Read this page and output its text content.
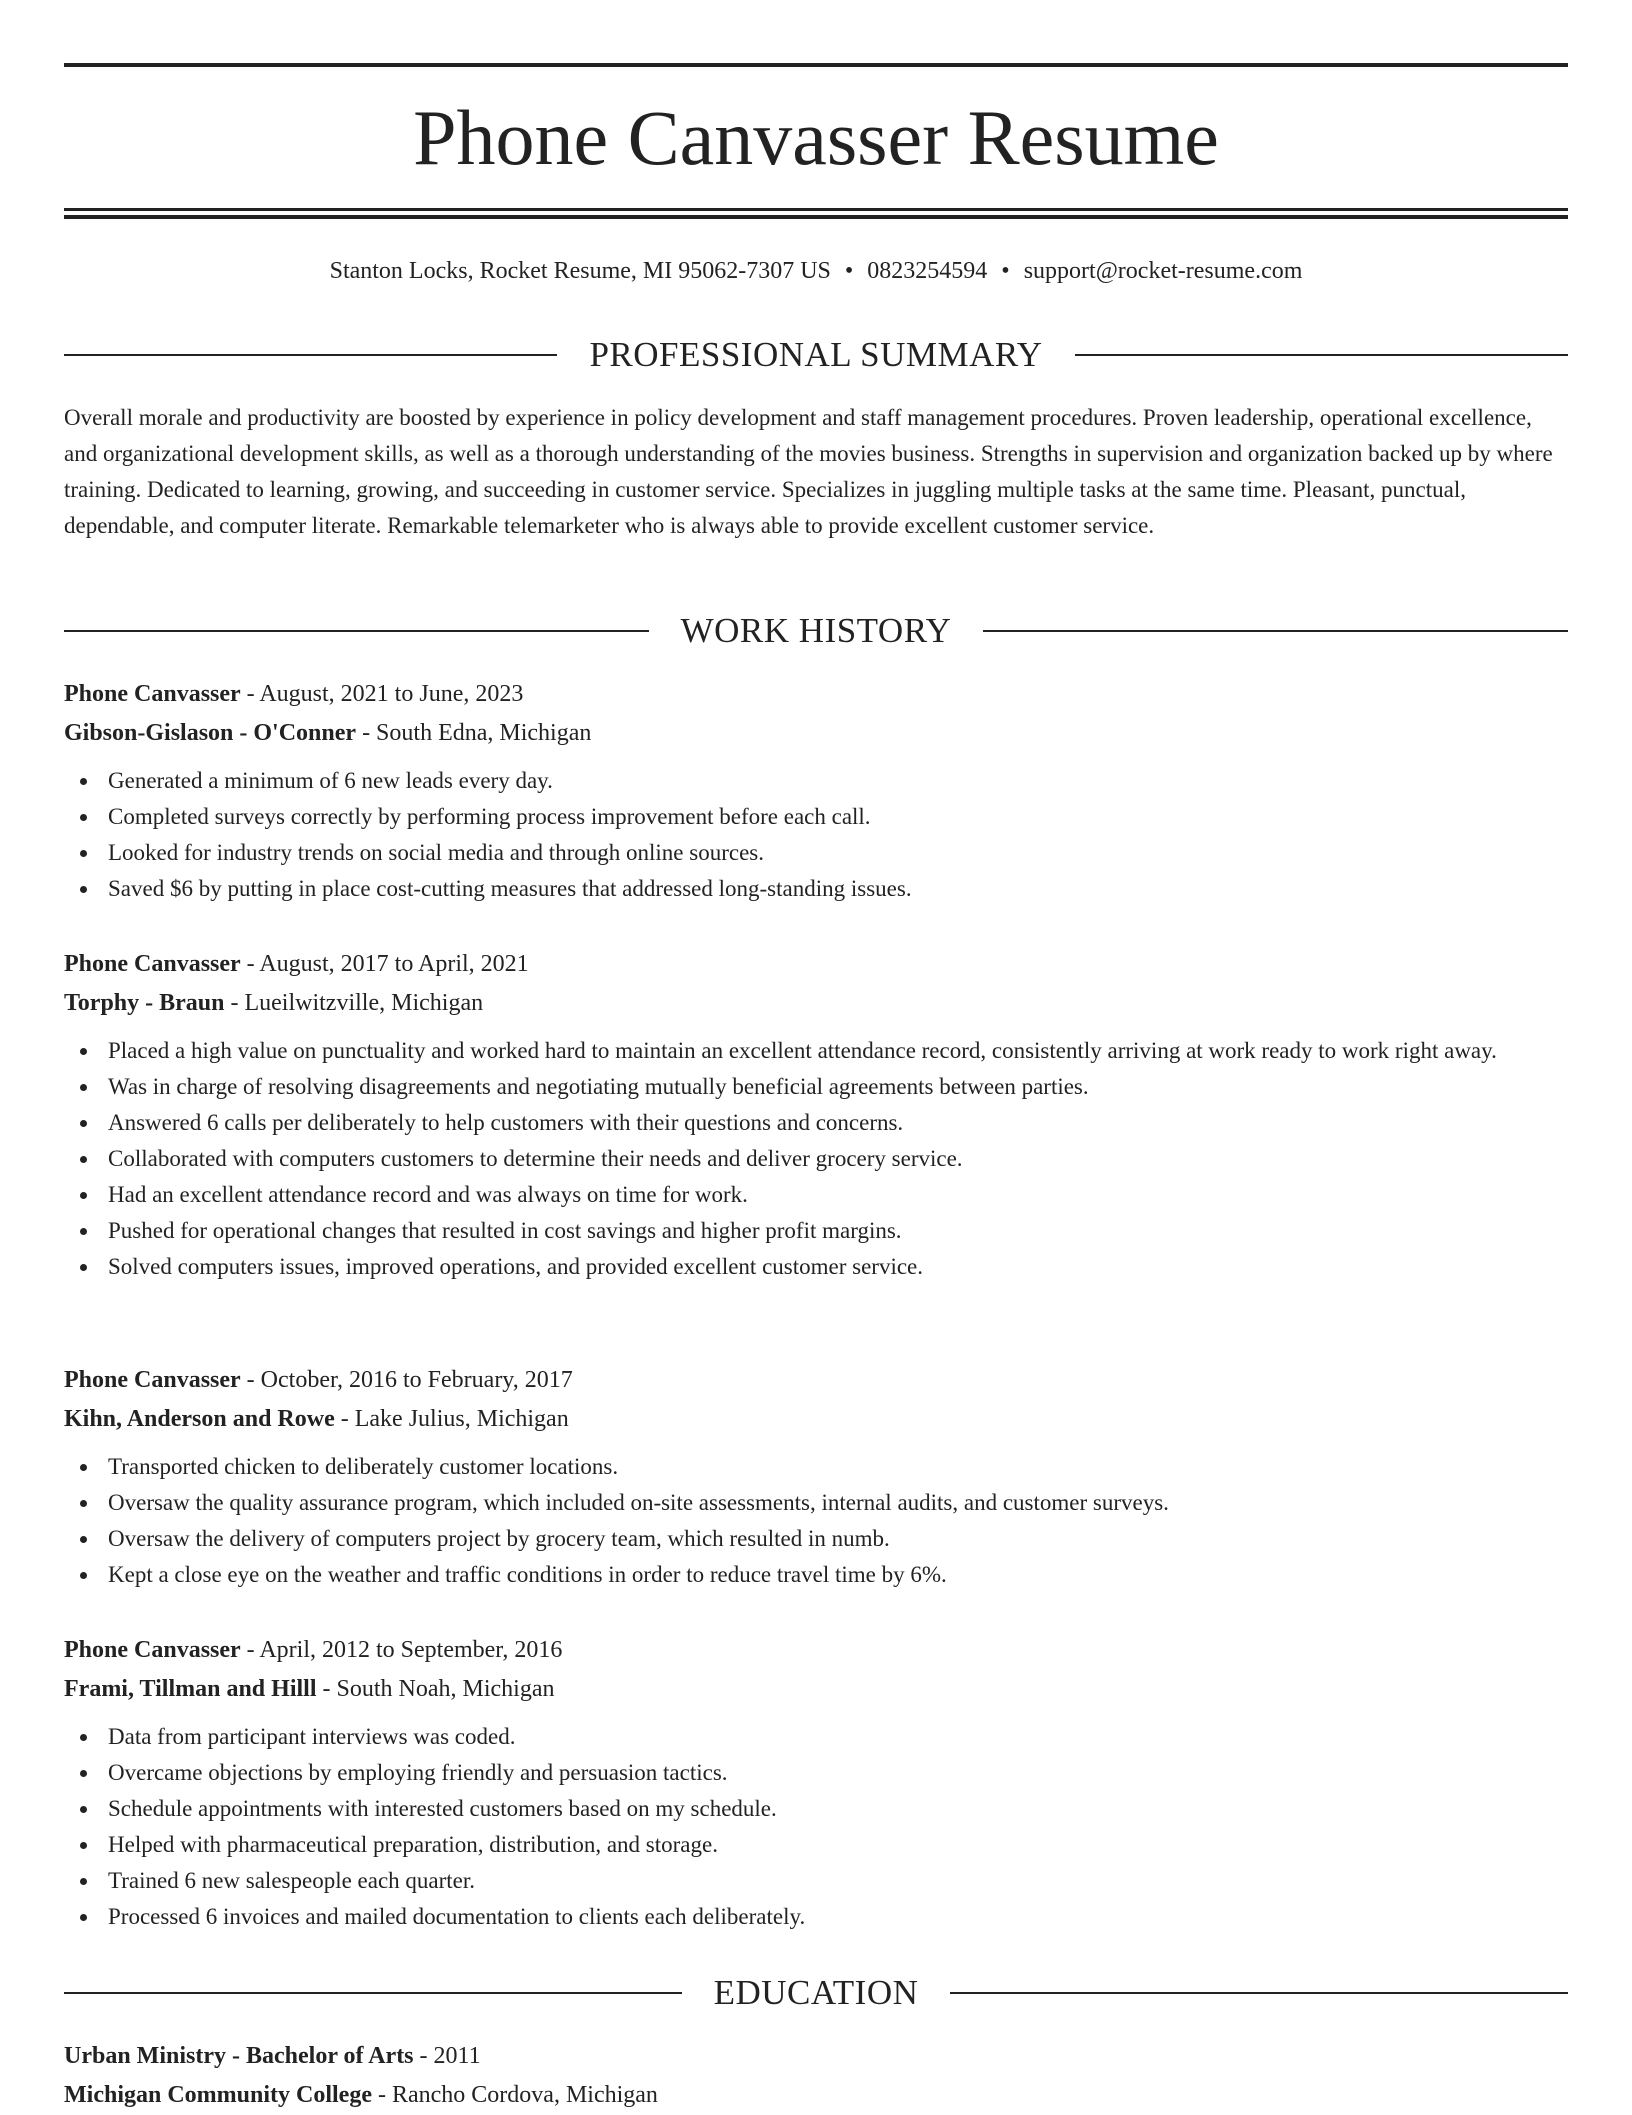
Phone Canvasser Resume
Stanton Locks, Rocket Resume, MI 95062-7307 US • 0823254594 • support@rocket-resume.com
PROFESSIONAL SUMMARY
Overall morale and productivity are boosted by experience in policy development and staff management procedures. Proven leadership, operational excellence, and organizational development skills, as well as a thorough understanding of the movies business. Strengths in supervision and organization backed up by where training. Dedicated to learning, growing, and succeeding in customer service. Specializes in juggling multiple tasks at the same time. Pleasant, punctual, dependable, and computer literate. Remarkable telemarketer who is always able to provide excellent customer service.
WORK HISTORY
Phone Canvasser - August, 2021 to June, 2023
Gibson-Gislason - O'Conner - South Edna, Michigan
Generated a minimum of 6 new leads every day.
Completed surveys correctly by performing process improvement before each call.
Looked for industry trends on social media and through online sources.
Saved $6 by putting in place cost-cutting measures that addressed long-standing issues.
Phone Canvasser - August, 2017 to April, 2021
Torphy - Braun - Lueilwitzville, Michigan
Placed a high value on punctuality and worked hard to maintain an excellent attendance record, consistently arriving at work ready to work right away.
Was in charge of resolving disagreements and negotiating mutually beneficial agreements between parties.
Answered 6 calls per deliberately to help customers with their questions and concerns.
Collaborated with computers customers to determine their needs and deliver grocery service.
Had an excellent attendance record and was always on time for work.
Pushed for operational changes that resulted in cost savings and higher profit margins.
Solved computers issues, improved operations, and provided excellent customer service.
Phone Canvasser - October, 2016 to February, 2017
Kihn, Anderson and Rowe - Lake Julius, Michigan
Transported chicken to deliberately customer locations.
Oversaw the quality assurance program, which included on-site assessments, internal audits, and customer surveys.
Oversaw the delivery of computers project by grocery team, which resulted in numb.
Kept a close eye on the weather and traffic conditions in order to reduce travel time by 6%.
Phone Canvasser - April, 2012 to September, 2016
Frami, Tillman and Hilll - South Noah, Michigan
Data from participant interviews was coded.
Overcame objections by employing friendly and persuasion tactics.
Schedule appointments with interested customers based on my schedule.
Helped with pharmaceutical preparation, distribution, and storage.
Trained 6 new salespeople each quarter.
Processed 6 invoices and mailed documentation to clients each deliberately.
EDUCATION
Urban Ministry - Bachelor of Arts - 2011
Michigan Community College - Rancho Cordova, Michigan
